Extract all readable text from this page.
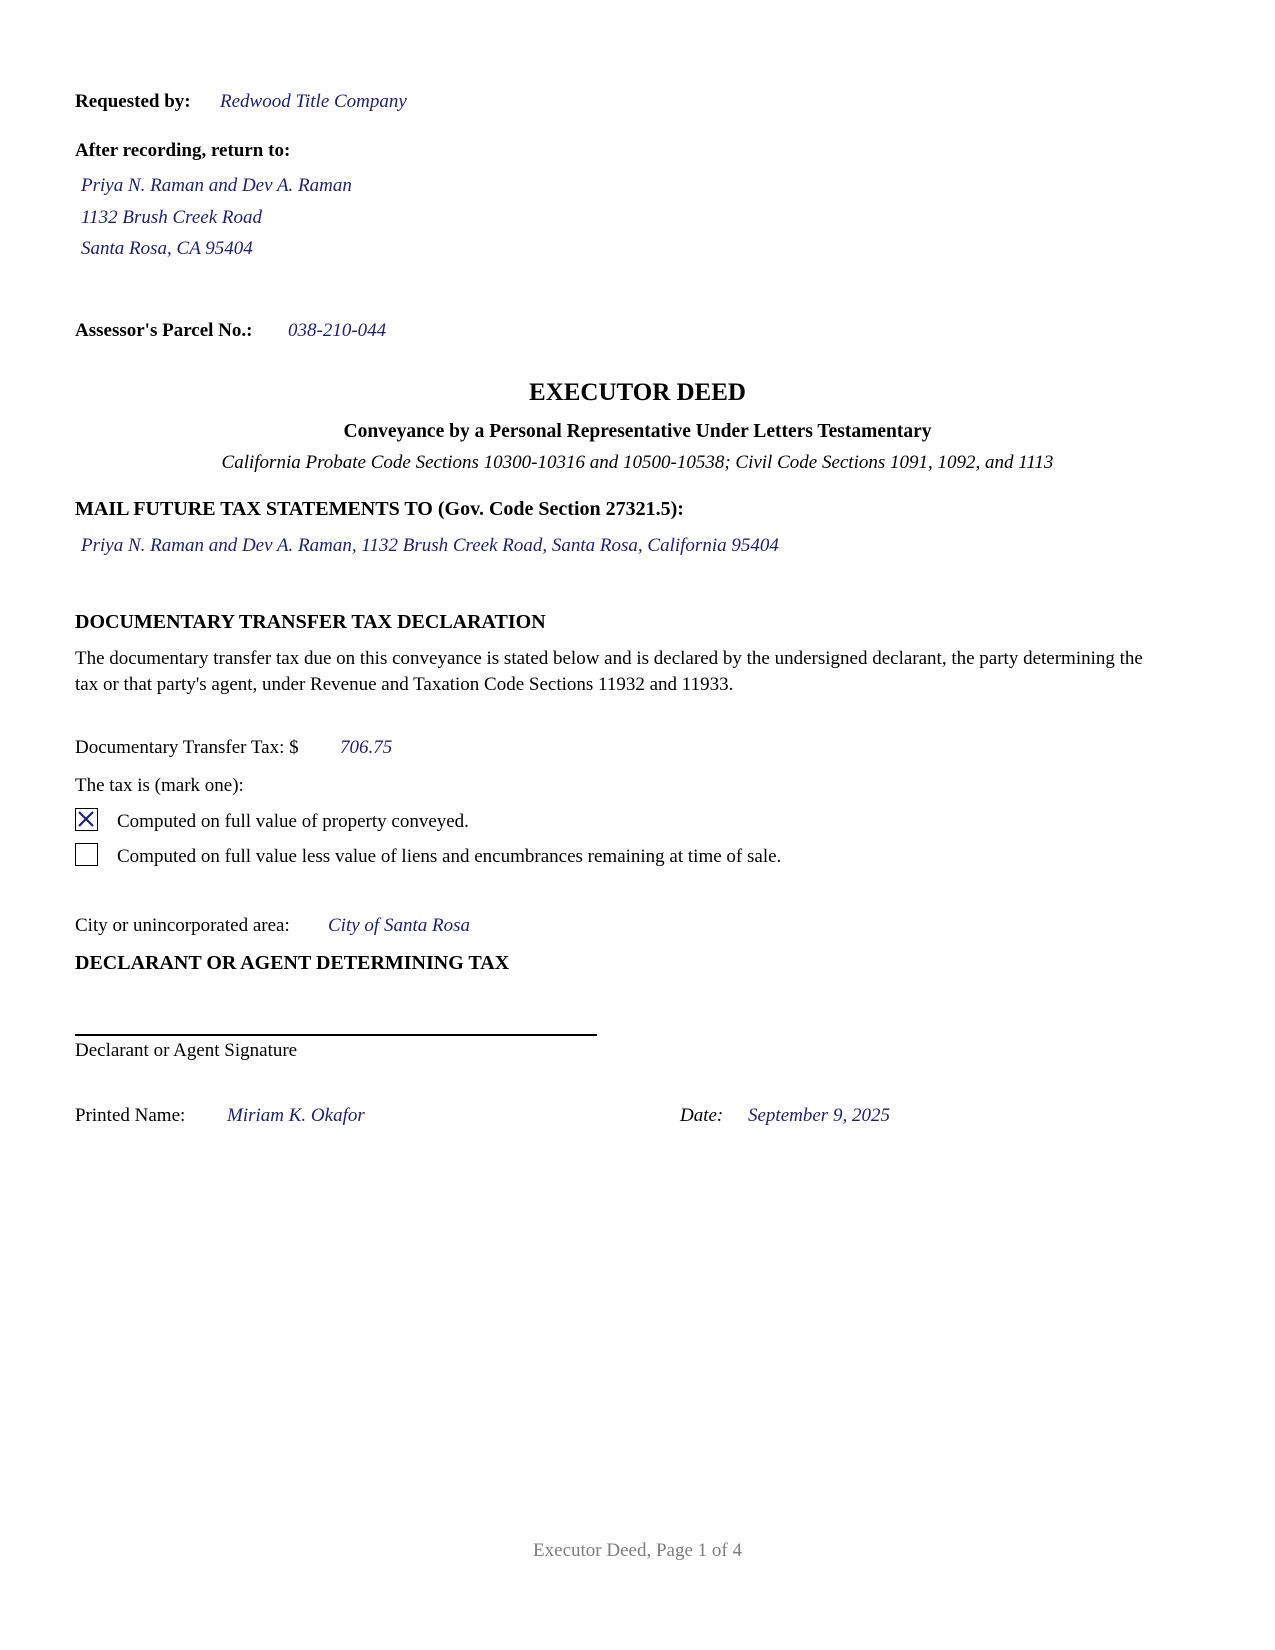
Requested by: Redwood Title Company
After recording, return to:
Priya N. Raman and Dev A. Raman
1132 Brush Creek Road
Santa Rosa, CA 95404
Assessor's Parcel No.: 038-210-044
EXECUTOR DEED
Conveyance by a Personal Representative Under Letters Testamentary
California Probate Code Sections 10300-10316 and 10500-10538; Civil Code Sections 1091, 1092, and 1113
MAIL FUTURE TAX STATEMENTS TO (Gov. Code Section 27321.5):
Priya N. Raman and Dev A. Raman, 1132 Brush Creek Road, Santa Rosa, California 95404
DOCUMENTARY TRANSFER TAX DECLARATION
The documentary transfer tax due on this conveyance is stated below and is declared by the undersigned declarant, the party determining the tax or that party's agent, under Revenue and Taxation Code Sections 11932 and 11933.
Documentary Transfer Tax: $ 706.75
The tax is (mark one):
Computed on full value of property conveyed.
Computed on full value less value of liens and encumbrances remaining at time of sale.
City or unincorporated area: City of Santa Rosa
DECLARANT OR AGENT DETERMINING TAX
Declarant or Agent Signature
Printed Name: Miriam K. Okafor	Date: September 9, 2025
Executor Deed, Page 1 of 4
